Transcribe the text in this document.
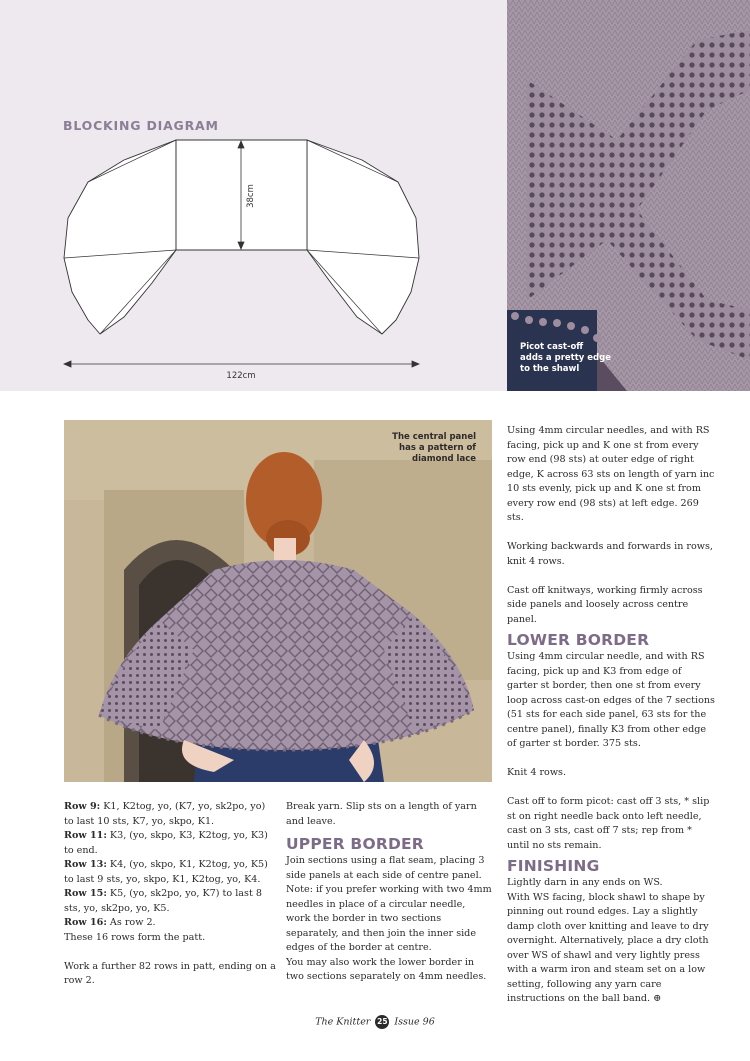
BLOCKING DIAGRAM
38cm
122cm
Picot cast-off
adds a pretty edge
to the shawl
The central panel
has a pattern of
diamond lace

Row 9: K1, K2tog, yo, (K7, yo, sk2po, yo) to last 10 sts, K7, yo, skpo, K1.

Row 11: K3, (yo, skpo, K3, K2tog, yo, K3) to end.

Row 13: K4, (yo, skpo, K1, K2tog, yo, K5) to last 9 sts, yo, skpo, K1, K2tog, yo, K4.

Row 15: K5, (yo, sk2po, yo, K7) to last 8 sts, yo, sk2po, yo, K5.

Row 16: As row 2.

These 16 rows form the patt.

Work a further 82 rows in patt, ending on a row 2.

Break yarn. Slip sts on a length of yarn and leave.

UPPER BORDER

Join sections using a flat seam, placing 3 side panels at each side of centre panel. Note: if you prefer working with two 4mm needles in place of a circular needle, work the border in two sections separately, and then join the inner side edges of the border at centre.

You may also work the lower border in two sections separately on 4mm needles.

Using 4mm circular needles, and with RS facing, pick up and K one st from every row end (98 sts) at outer edge of right edge, K across 63 sts on length of yarn inc 10 sts evenly, pick up and K one st from every row end (98 sts) at left edge. 269 sts.

Working backwards and forwards in rows, knit 4 rows.

Cast off knitways, working firmly across side panels and loosely across centre panel.

LOWER BORDER

Using 4mm circular needle, and with RS facing, pick up and K3 from edge of garter st border, then one st from every loop across cast-on edges of the 7 sections (51 sts for each side panel, 63 sts for the centre panel), finally K3 from other edge of garter st border. 375 sts.

Knit 4 rows.

Cast off to form picot: cast off 3 sts, * slip st on right needle back onto left needle, cast on 3 sts, cast off 7 sts; rep from * until no sts remain.

FINISHING

Lightly darn in any ends on WS.

With WS facing, block shawl to shape by pinning out round edges. Lay a slightly damp cloth over knitting and leave to dry overnight. Alternatively, place a dry cloth over WS of shawl and very lightly press with a warm iron and steam set on a low setting, following any yarn care instructions on the ball band. ⊕

The Knitter 25 Issue 96
